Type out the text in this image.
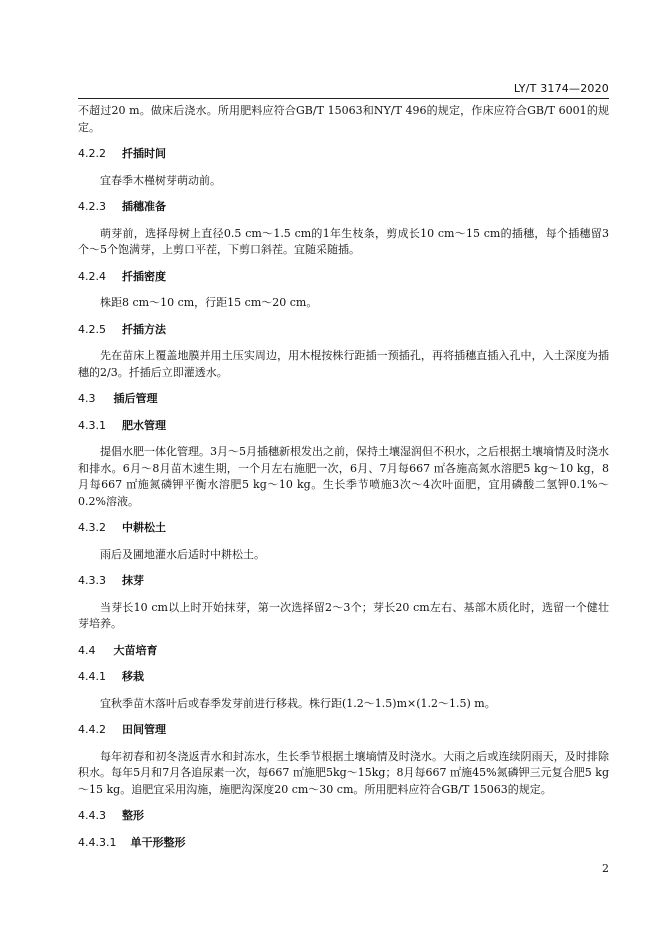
LY/T 3174—2020
不超过20 m。做床后浇水。所用肥料应符合GB/T 15063和NY/T 496的规定，作床应符合GB/T 6001的规定。
4.2.2 扦插时间
宜春季木槿树芽萌动前。
4.2.3 插穗准备
萌芽前，选择母树上直径0.5 cm～1.5 cm的1年生枝条，剪成长10 cm～15 cm的插穗，每个插穗留3个～5个饱满芽，上剪口平茬，下剪口斜茬。宜随采随插。
4.2.4 扦插密度
株距8 cm～10 cm，行距15 cm～20 cm。
4.2.5 扦插方法
先在苗床上覆盖地膜并用土压实周边，用木棍按株行距插一预插孔，再将插穗直插入孔中，入土深度为插穗的2/3。扦插后立即灌透水。
4.3 插后管理
4.3.1 肥水管理
提倡水肥一体化管理。3月～5月插穗新根发出之前，保持土壤湿润但不积水，之后根据土壤墒情及时浇水和排水。6月～8月苗木速生期，一个月左右施肥一次，6月、7月每667 ㎡各施高氮水溶肥5 kg～10 kg，8月每667 ㎡施氮磷钾平衡水溶肥5 kg～10 kg。生长季节喷施3次～4次叶面肥，宜用磷酸二氢钾0.1%～0.2%溶液。
4.3.2 中耕松土
雨后及圃地灌水后适时中耕松土。
4.3.3 抹芽
当芽长10 cm以上时开始抹芽，第一次选择留2～3个；芽长20 cm左右、基部木质化时，选留一个健壮芽培养。
4.4 大苗培育
4.4.1 移栽
宜秋季苗木落叶后或春季发芽前进行移栽。株行距(1.2～1.5)m×(1.2～1.5) m。
4.4.2 田间管理
每年初春和初冬浇返青水和封冻水，生长季节根据土壤墒情及时浇水。大雨之后或连续阴雨天，及时排除积水。每年5月和7月各追尿素一次，每667 ㎡施肥5kg～15kg；8月每667 ㎡施45%氮磷钾三元复合肥5 kg～15 kg。追肥宜采用沟施，施肥沟深度20 cm～30 cm。所用肥料应符合GB/T 15063的规定。
4.4.3 整形
4.4.3.1 单干形整形
2
